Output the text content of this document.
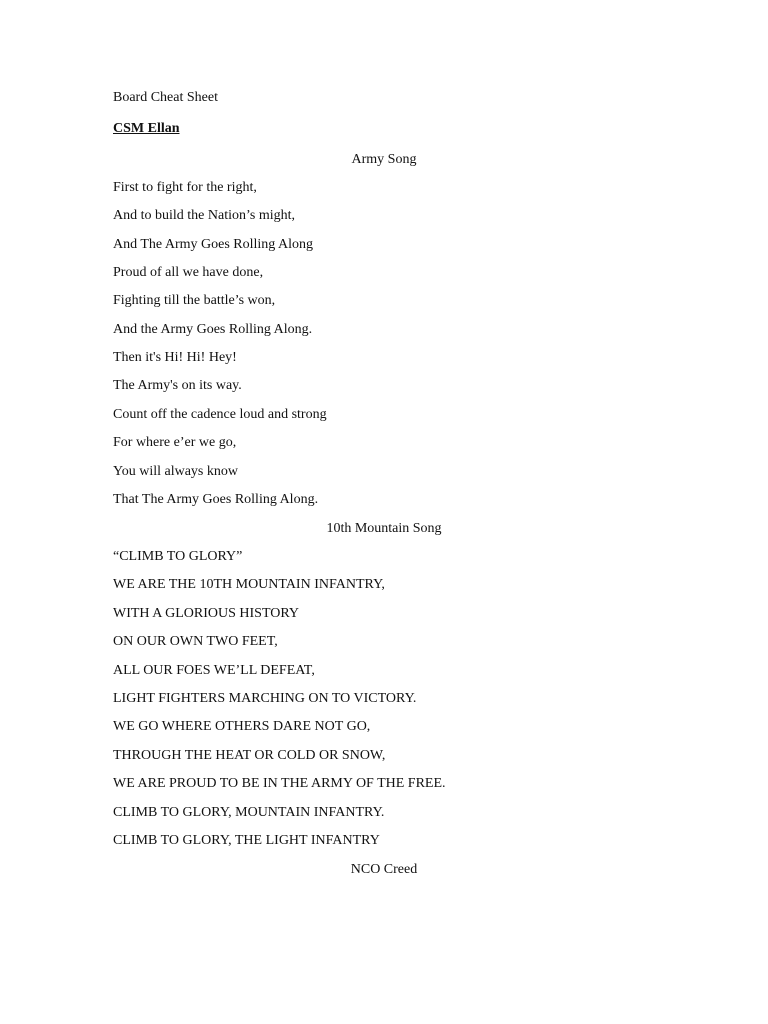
Board Cheat Sheet
CSM Ellan
Army Song
First to fight for the right,
And to build the Nation’s might,
And The Army Goes Rolling Along
Proud of all we have done,
Fighting till the battle’s won,
And the Army Goes Rolling Along.
Then it's Hi! Hi! Hey!
The Army's on its way.
Count off the cadence loud and strong
For where e’er we go,
You will always know
That The Army Goes Rolling Along.
10th Mountain Song
“CLIMB TO GLORY”
WE ARE THE 10TH MOUNTAIN INFANTRY,
WITH A GLORIOUS HISTORY
ON OUR OWN TWO FEET,
ALL OUR FOES WE’LL DEFEAT,
LIGHT FIGHTERS MARCHING ON TO VICTORY.
WE GO WHERE OTHERS DARE NOT GO,
THROUGH THE HEAT OR COLD OR SNOW,
WE ARE PROUD TO BE IN THE ARMY OF THE FREE.
CLIMB TO GLORY, MOUNTAIN INFANTRY.
CLIMB TO GLORY, THE LIGHT INFANTRY
NCO Creed
